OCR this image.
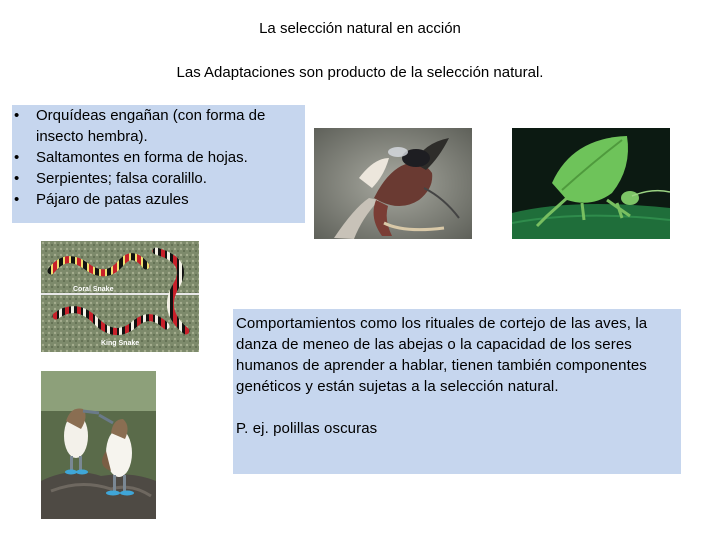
La selección natural en acción
Las Adaptaciones son producto de la selección natural.
• Orquídeas engañan (con forma de insecto hembra).
• Saltamontes en forma de hojas.
• Serpientes; falsa coralillo.
• Pájaro de patas azules
Coral Snake
King Snake

Comportamientos como los rituales de cortejo de las aves, la danza de meneo de las abejas o la capacidad de los seres humanos de aprender a hablar, tienen también componentes genéticos y están sujetas a la selección natural.

P. ej. polillas oscuras
